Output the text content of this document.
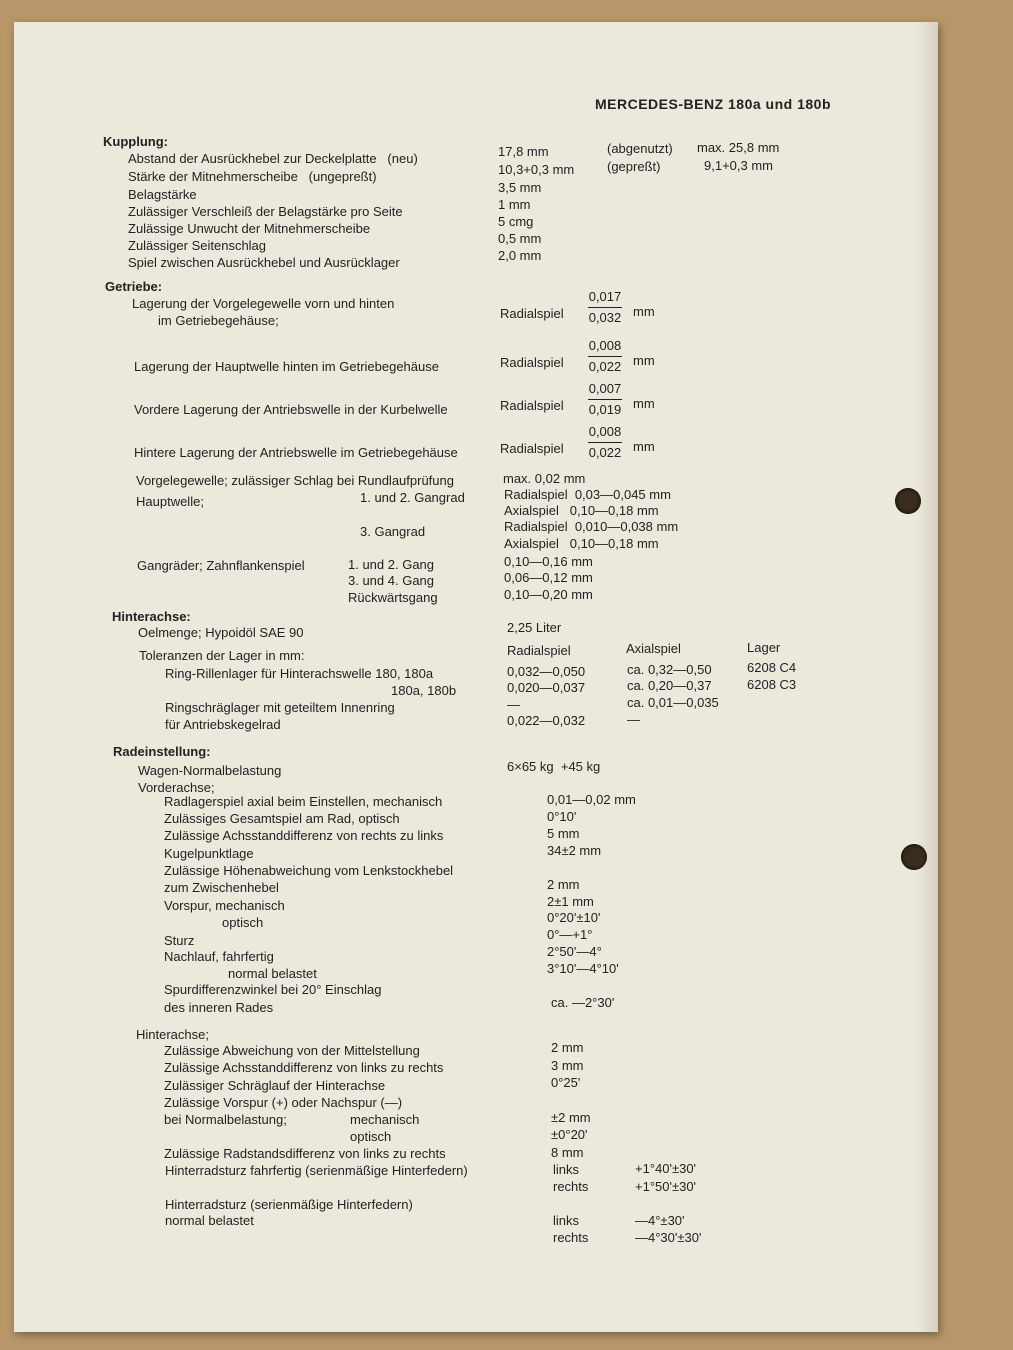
MERCEDES-BENZ 180a und 180b
Kupplung:
Abstand der Ausrückhebel zur Deckelplatte   (neu)	17,8 mm	(abgenutzt) max. 25,8 mm
Stärke der Mitnehmerscheibe   (ungepreßt)	10,3+0,3 mm	(gepreßt)	9,1+0,3 mm
Belagstärke	3,5 mm
Zulässiger Verschleiß der Belagstärke pro Seite	1 mm
Zulässige Unwucht der Mitnehmerscheibe	5 cmg
Zulässiger Seitenschlag	0,5 mm
Spiel zwischen Ausrückhebel und Ausrücklager	2,0 mm
Getriebe:
Lagerung der Vorgelegewelle vorn und hinten
im Getriebegehäuse;	Radialspiel $\frac{0,017}{0,032}$ mm
Lagerung der Hauptwelle hinten im Getriebegehäuse	Radialspiel $\frac{0,008}{0,022}$ mm
Vordere Lagerung der Antriebswelle in der Kurbelwelle	Radialspiel $\frac{0,007}{0,019}$ mm
Hintere Lagerung der Antriebswelle im Getriebegehäuse	Radialspiel $\frac{0,008}{0,022}$ mm
Vorgelegewelle; zulässiger Schlag bei Rundlaufprüfung	max. 0,02 mm
Hauptwelle;	1. und 2. Gangrad	Radialspiel  0,03—0,045 mm
Axialspiel   0,10—0,18 mm
3. Gangrad	Radialspiel  0,010—0,038 mm
Axialspiel   0,10—0,18 mm
Gangräder; Zahnflankenspiel	1. und 2. Gang	0,10—0,16 mm
3. und 4. Gang	0,06—0,12 mm
Rückwärtsgang	0,10—0,20 mm
Hinterachse:
Oelmenge; Hypoidöl SAE 90	2,25 Liter
Toleranzen der Lager in mm:	Radialspiel	Axialspiel	Lager
Ring-Rillenlager für Hinterachswelle 180, 180a	0,032—0,050	ca. 0,32—0,50	6208 C4
180a, 180b	0,020—0,037	ca. 0,20—0,37	6208 C3
Ringschräglager mit geteiltem Innenring	—	ca. 0,01—0,035
für Antriebskegelrad	0,022—0,032	—
Radeinstellung:
Wagen-Normalbelastung	6×65 kg  +45 kg
Vorderachse;
Radlagerspiel axial beim Einstellen, mechanisch	0,01—0,02 mm
Zulässiges Gesamtspiel am Rad, optisch	0°10'
Zulässige Achsstanddifferenz von rechts zu links	5 mm
Kugelpunktlage	34±2 mm
Zulässige Höhenabweichung vom Lenkstockhebel
zum Zwischenhebel	2 mm
Vorspur, mechanisch	2±1 mm
optisch	0°20'±10'
Sturz	0°—+1°
Nachlauf, fahrfertig	2°50'—4°
normal belastet	3°10'—4°10'
Spurdifferenzwinkel bei 20° Einschlag
des inneren Rades	ca. —2°30'
Hinterachse;
Zulässige Abweichung von der Mittelstellung	2 mm
Zulässige Achsstanddifferenz von links zu rechts	3 mm
Zulässiger Schräglauf der Hinterachse	0°25'
Zulässige Vorspur (+) oder Nachspur (—)
bei Normalbelastung;	mechanisch	±2 mm
optisch	±0°20'
Zulässige Radstandsdifferenz von links zu rechts	8 mm
Hinterradsturz fahrfertig (serienmäßige Hinterfedern)	links	+1°40'±30'
rechts	+1°50'±30'
Hinterradsturz (serienmäßige Hinterfedern)
normal belastet	links	—4°±30'
rechts	—4°30'±30'
